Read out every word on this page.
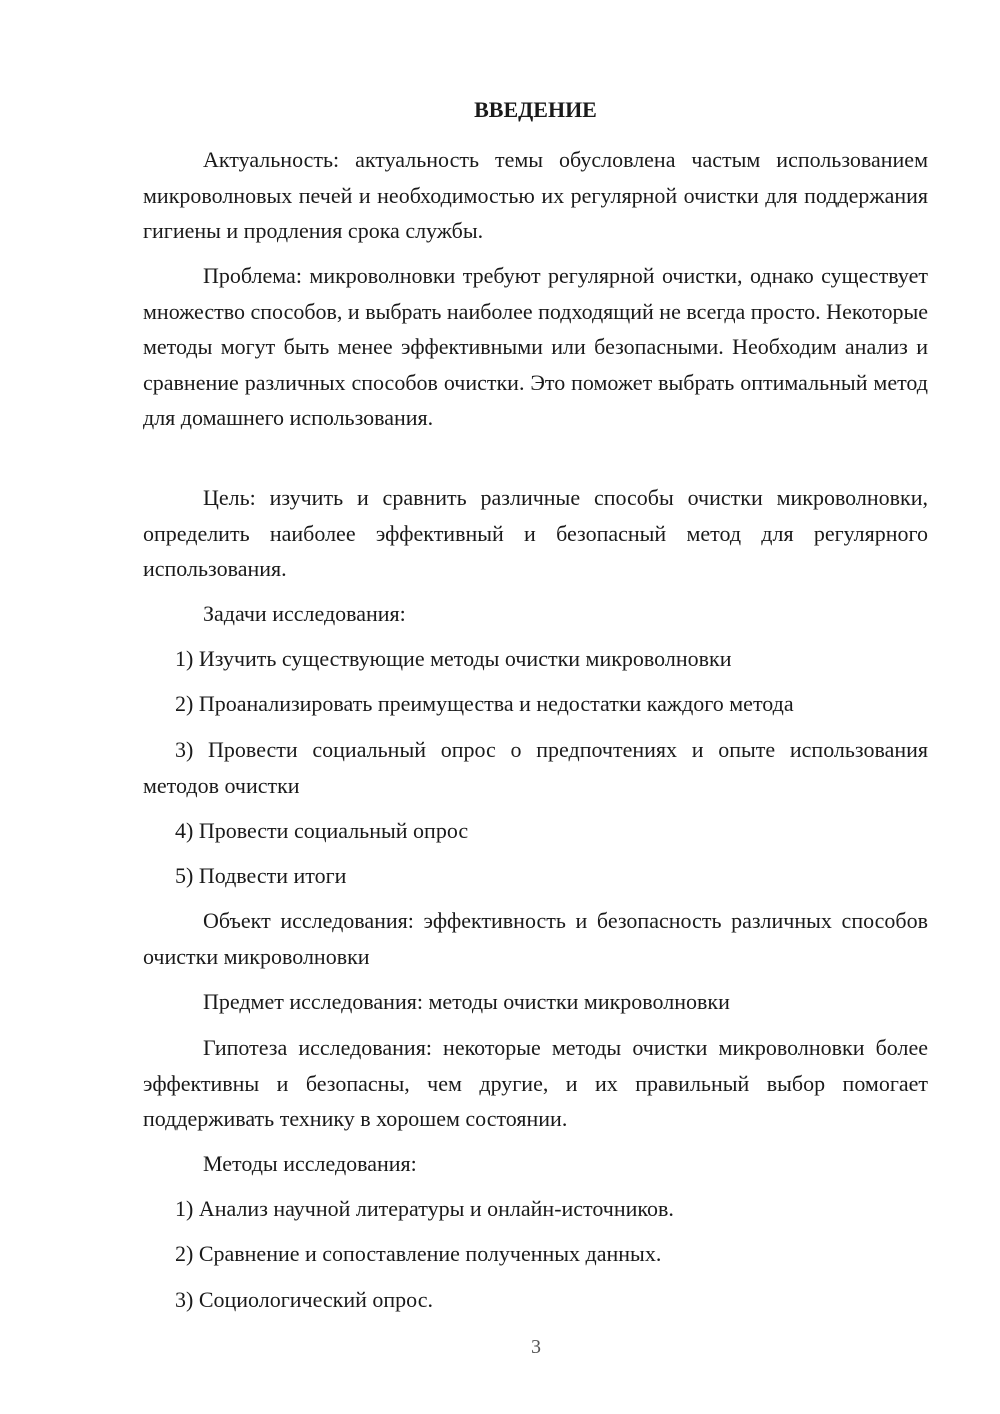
ВВЕДЕНИЕ

Актуальность: актуальность темы обусловлена частым использованием микроволновых печей и необходимостью их регулярной очистки для поддержания гигиены и продления срока службы.

Проблема: микроволновки требуют регулярной очистки, однако существует множество способов, и выбрать наиболее подходящий не всегда просто. Некоторые методы могут быть менее эффективными или безопасными. Необходим анализ и сравнение различных способов очистки. Это поможет выбрать оптимальный метод для домашнего использования.

Цель: изучить и сравнить различные способы очистки микроволновки, определить наиболее эффективный и безопасный метод для регулярного использования.

Задачи исследования:

1) Изучить существующие методы очистки микроволновки

2) Проанализировать преимущества и недостатки каждого метода

3) Провести социальный опрос о предпочтениях и опыте использования методов очистки

4) Провести социальный опрос

5) Подвести итоги

Объект исследования: эффективность и безопасность различных способов очистки микроволновки

Предмет исследования: методы очистки микроволновки

Гипотеза исследования: некоторые методы очистки микроволновки более эффективны и безопасны, чем другие, и их правильный выбор помогает поддерживать технику в хорошем состоянии.

Методы исследования:

1) Анализ научной литературы и онлайн-источников.

2) Сравнение и сопоставление полученных данных.

3) Социологический опрос.

3
